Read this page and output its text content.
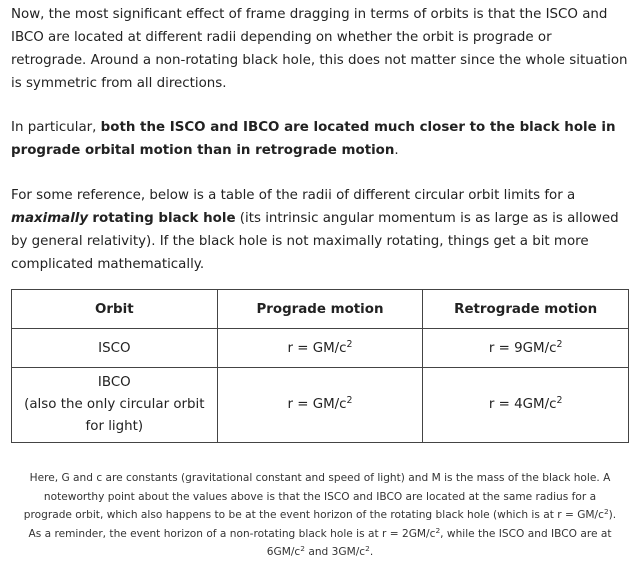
Now, the most significant effect of frame dragging in terms of orbits is that the ISCO and IBCO are located at different radii depending on whether the orbit is prograde or retrograde. Around a non-rotating black hole, this does not matter since the whole situation is symmetric from all directions.

In particular, both the ISCO and IBCO are located much closer to the black hole in prograde orbital motion than in retrograde motion.

For some reference, below is a table of the radii of different circular orbit limits for a maximally rotating black hole (its intrinsic angular momentum is as large as is allowed by general relativity). If the black hole is not maximally rotating, things get a bit more complicated mathematically.

Orbit	Prograde motion	Retrograde motion
ISCO	$r = GM/c^2$	$r = 9GM/c^2$
IBCO
(also the only circular orbit for light)	$r = GM/c^2$	$r = 4GM/c^2$

Here, G and c are constants (gravitational constant and speed of light) and M is the mass of the black hole. A noteworthy point about the values above is that the ISCO and IBCO are located at the same radius for a prograde orbit, which also happens to be at the event horizon of the rotating black hole (which is at $r = GM/c^2$). As a reminder, the event horizon of a non-rotating black hole is at $r = 2GM/c^2$, while the ISCO and IBCO are at $6GM/c^2$ and $3GM/c^2$.
